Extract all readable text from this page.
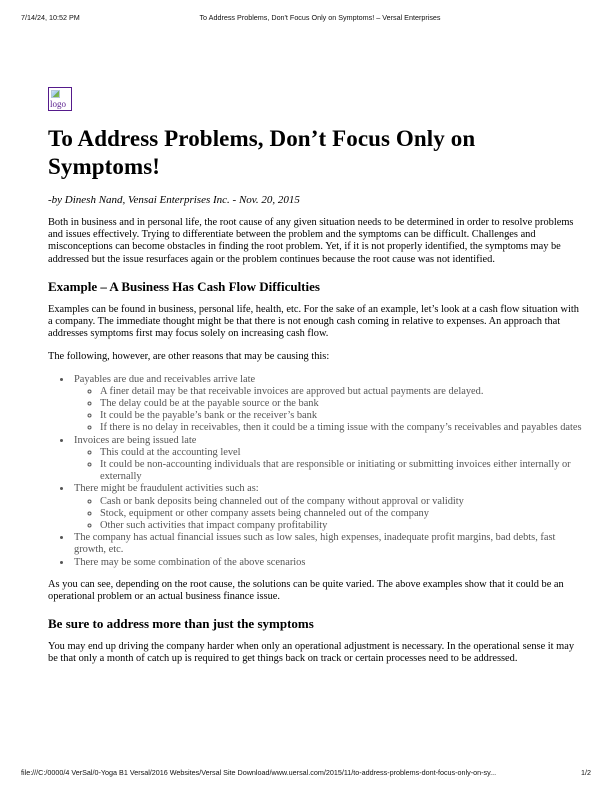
7/14/24, 10:52 PM	To Address Problems, Don't Focus Only on Symptoms! – Versal Enterprises
logo
To Address Problems, Don’t Focus Only on Symptoms!
-by Dinesh Nand, Vensai Enterprises Inc. - Nov. 20, 2015

Both in business and in personal life, the root cause of any given situation needs to be determined in order to resolve problems and issues effectively. Trying to differentiate between the problem and the symptoms can be difficult. Challenges and misconceptions can become obstacles in finding the root problem. Yet, if it is not properly identified, the symptoms may be addressed but the issue resurfaces again or the problem continues because the root cause was not identified.

Example – A Business Has Cash Flow Difficulties

Examples can be found in business, personal life, health, etc. For the sake of an example, let’s look at a cash flow situation with a company. The immediate thought might be that there is not enough cash coming in relative to expenses. An approach that addresses symptoms first may focus solely on increasing cash flow.

The following, however, are other reasons that may be causing this:

• Payables are due and receivables arrive late
◦ A finer detail may be that receivable invoices are approved but actual payments are delayed.
◦ The delay could be at the payable source or the bank
◦ It could be the payable’s bank or the receiver’s bank
◦ If there is no delay in receivables, then it could be a timing issue with the company’s receivables and payables dates
• Invoices are being issued late
◦ This could at the accounting level
◦ It could be non-accounting individuals that are responsible or initiating or submitting invoices either internally or externally
• There might be fraudulent activities such as:
◦ Cash or bank deposits being channeled out of the company without approval or validity
◦ Stock, equipment or other company assets being channeled out of the company
◦ Other such activities that impact company profitability
• The company has actual financial issues such as low sales, high expenses, inadequate profit margins, bad debts, fast growth, etc.
• There may be some combination of the above scenarios

As you can see, depending on the root cause, the solutions can be quite varied. The above examples show that it could be an operational problem or an actual business finance issue.

Be sure to address more than just the symptoms

You may end up driving the company harder when only an operational adjustment is necessary. In the operational sense it may be that only a month of catch up is required to get things back on track or certain processes need to be addressed.

file:///C:/0000/4 VerSal/0-Yoga B1 Versal/2016 Websites/Versal Site Download/www.uersal.com/2015/11/to-address-problems-dont-focus-only-on-sy...	1/2
